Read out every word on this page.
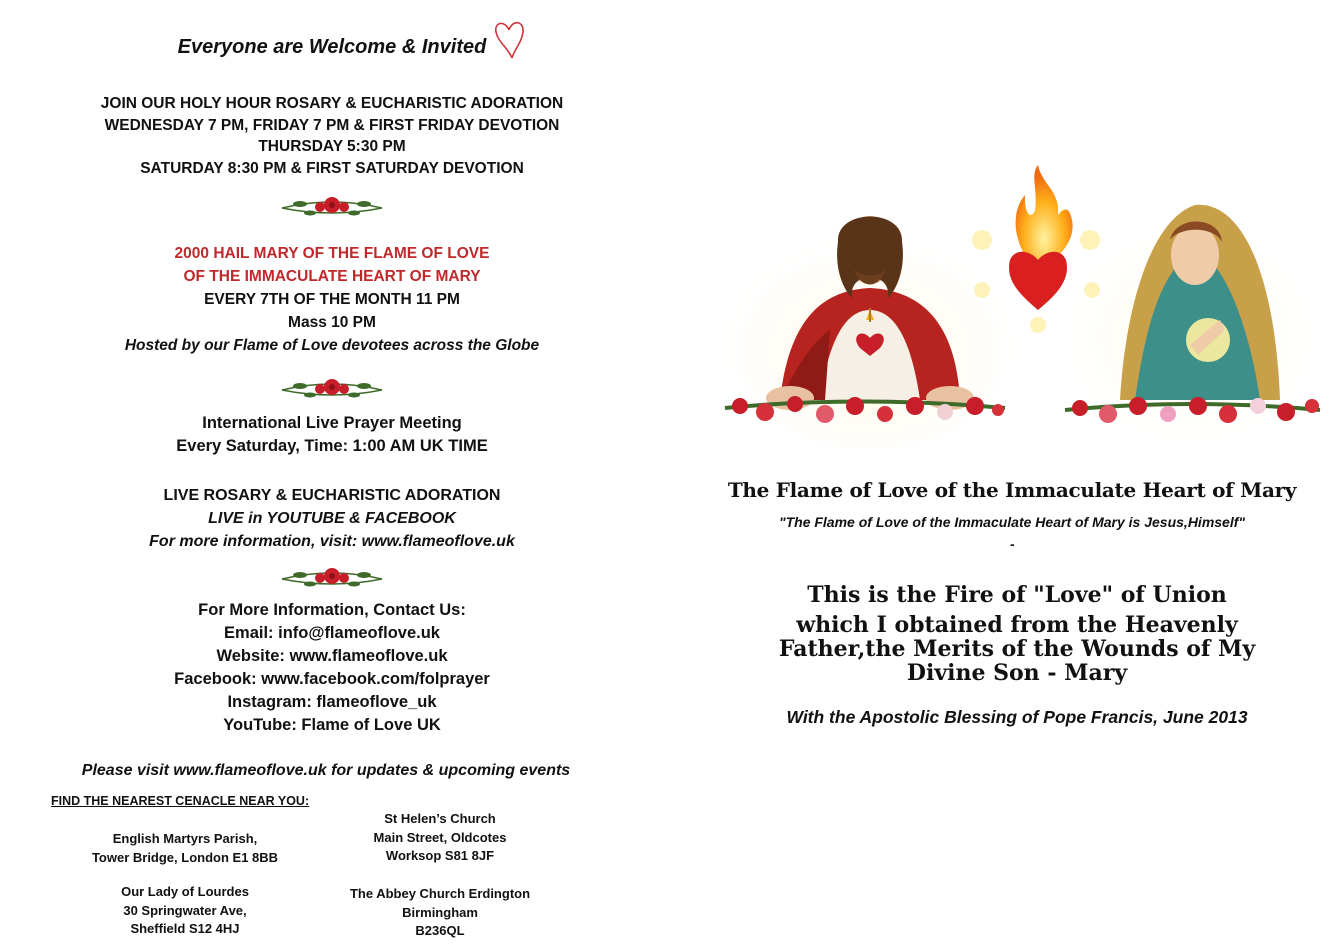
Everyone are Welcome & Invited
JOIN OUR HOLY HOUR ROSARY & EUCHARISTIC ADORATION
WEDNESDAY 7 PM, FRIDAY 7 PM & FIRST FRIDAY DEVOTION
THURSDAY 5:30 PM
SATURDAY 8:30 PM & FIRST SATURDAY DEVOTION
2000 HAIL MARY OF THE FLAME OF LOVE
OF THE IMMACULATE HEART OF MARY
EVERY 7TH OF THE MONTH 11 PM
Mass 10 PM
Hosted by our Flame of Love devotees across the Globe
International Live Prayer Meeting
Every Saturday, Time: 1:00 AM UK TIME
LIVE ROSARY & EUCHARISTIC ADORATION
LIVE in YOUTUBE & FACEBOOK
For more information, visit: www.flameoflove.uk
For More Information, Contact Us:
Email: info@flameoflove.uk
Website: www.flameoflove.uk
Facebook: www.facebook.com/folprayer
Instagram: flameoflove_uk
YouTube: Flame of Love UK
Please visit www.flameoflove.uk for updates & upcoming events
FIND THE NEAREST CENACLE NEAR YOU:
English Martyrs Parish,
Tower Bridge, London E1 8BB
Our Lady of Lourdes
30 Springwater Ave,
Sheffield S12 4HJ
St Helen’s Church
Main Street, Oldcotes
Worksop S81 8JF
The Abbey Church Erdington
Birmingham
B236QL
The Flame of Love of the Immaculate Heart of Mary
"The Flame of Love of the Immaculate Heart of Mary is Jesus,Himself"
-
This is the Fire of "Love" of Union
which I obtained from the Heavenly
Father,the Merits of the Wounds of My
Divine Son - Mary
With the Apostolic Blessing of Pope Francis, June 2013
